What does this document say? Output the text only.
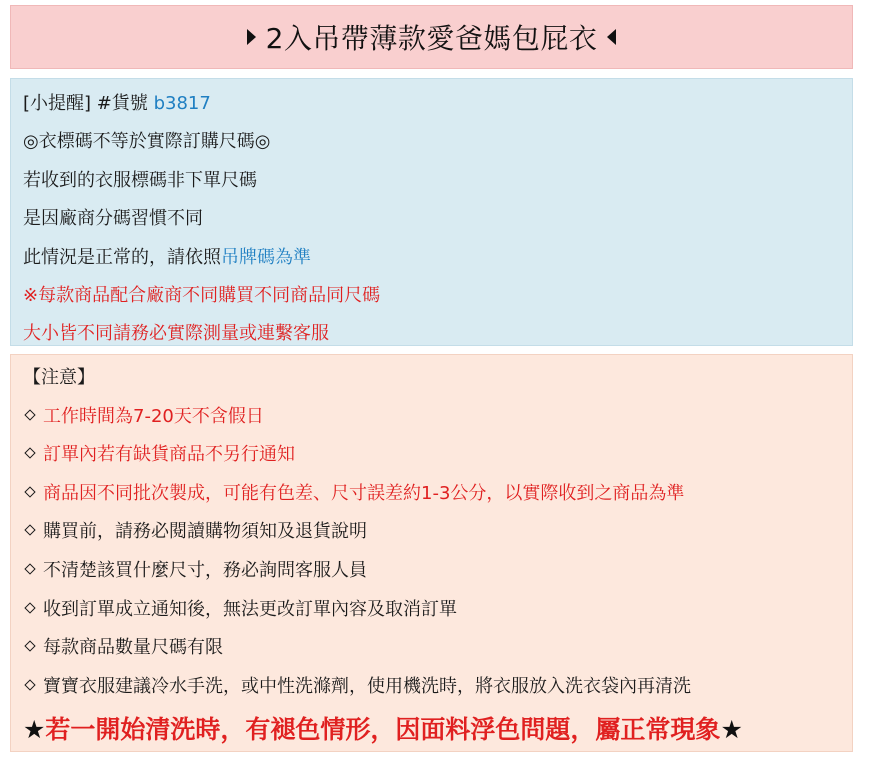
2入吊帶薄款愛爸媽包屁衣
[小提醒] #貨號 b3817
◎衣標碼不等於實際訂購尺碼◎
若收到的衣服標碼非下單尺碼
是因廠商分碼習慣不同
此情況是正常的，請依照吊牌碼為準
※每款商品配合廠商不同購買不同商品同尺碼
大小皆不同請務必實際測量或連繫客服
【注意】
工作時間為7-20天不含假日
訂單內若有缺貨商品不另行通知
商品因不同批次製成，可能有色差、尺寸誤差約1-3公分，以實際收到之商品為準
購買前，請務必閱讀購物須知及退貨說明
不清楚該買什麼尺寸，務必詢問客服人員
收到訂單成立通知後，無法更改訂單內容及取消訂單
每款商品數量尺碼有限
寶寶衣服建議冷水手洗，或中性洗滌劑，使用機洗時，將衣服放入洗衣袋內再清洗
★若一開始清洗時，有褪色情形，因面料浮色問題，屬正常現象★
